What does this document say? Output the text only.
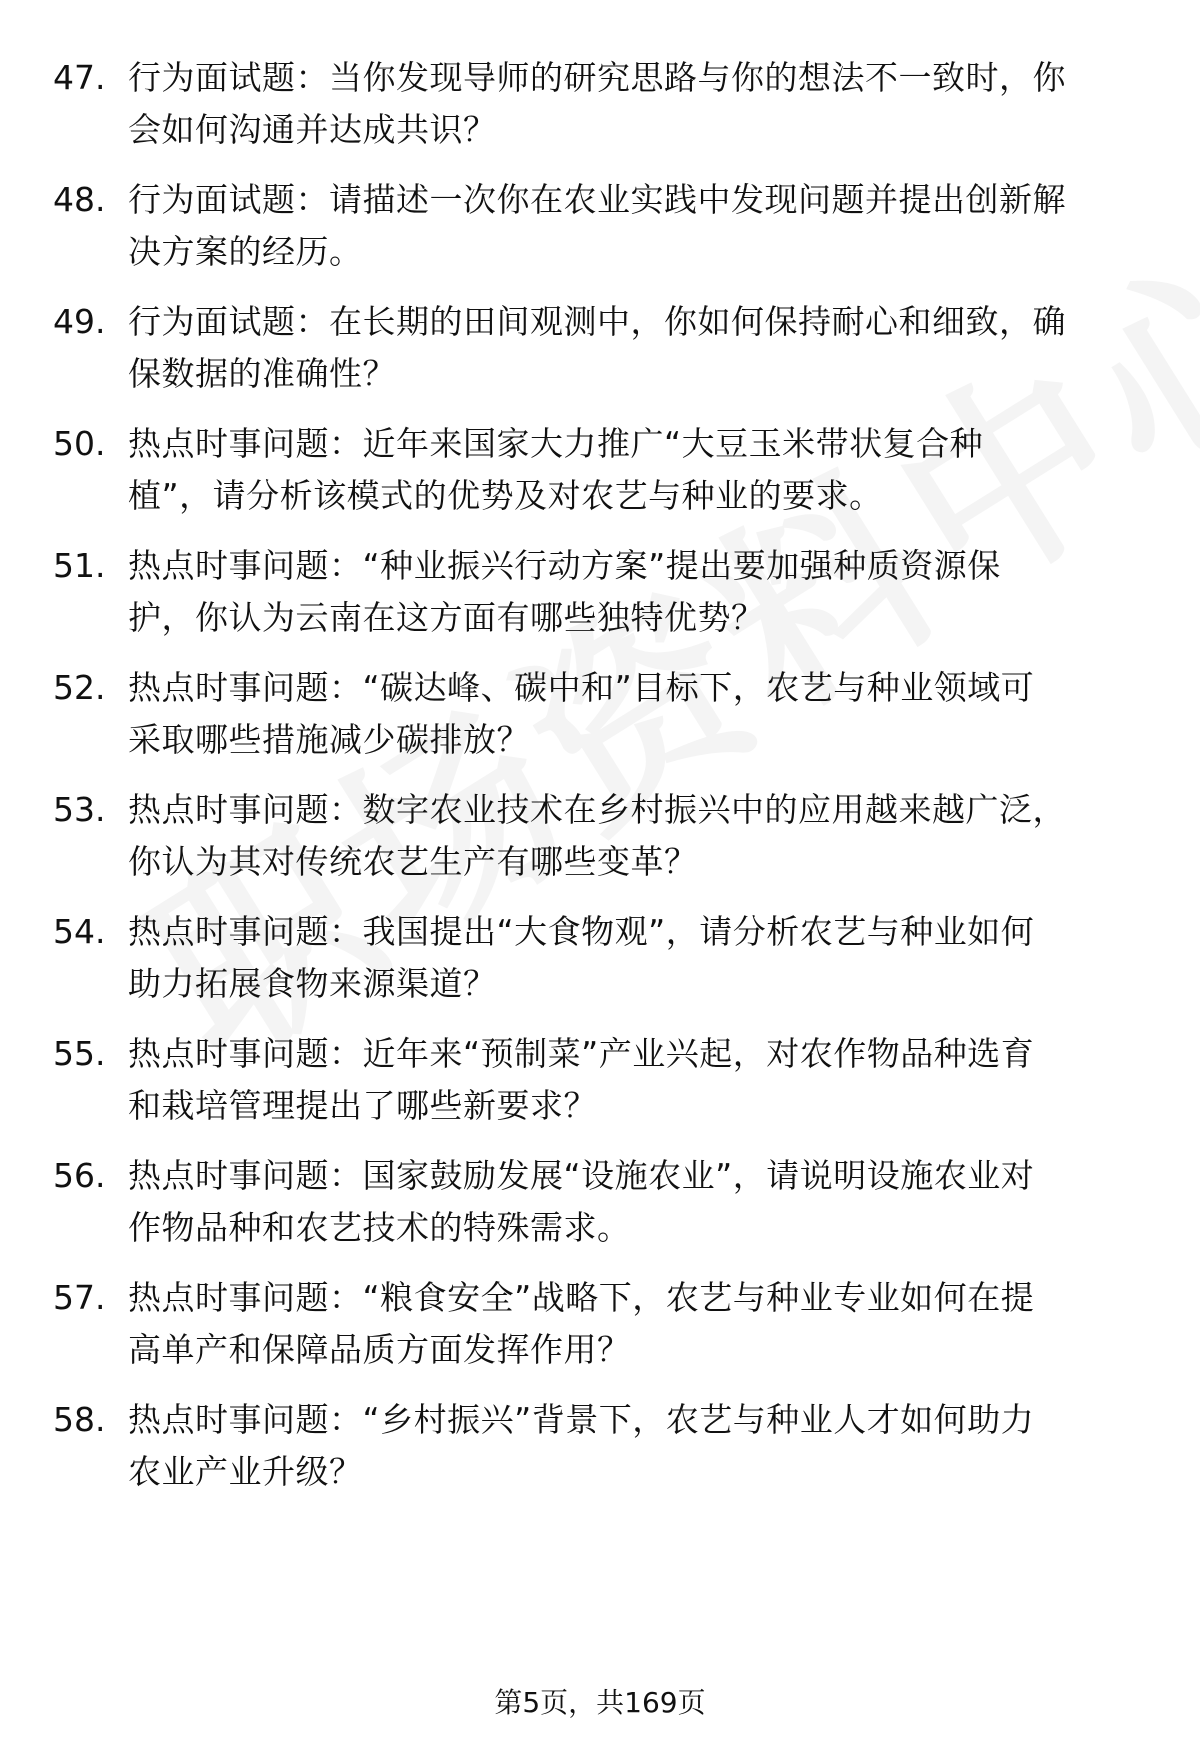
47. 行为面试题：当你发现导师的研究思路与你的想法不一致时，你
会如何沟通并达成共识？
48. 行为面试题：请描述一次你在农业实践中发现问题并提出创新解
决方案的经历。
49. 行为面试题：在长期的田间观测中，你如何保持耐心和细致，确
保数据的准确性？
50. 热点时事问题：近年来国家大力推广“大豆玉米带状复合种
植”，请分析该模式的优势及对农艺与种业的要求。
51. 热点时事问题：“种业振兴行动方案”提出要加强种质资源保
护，你认为云南在这方面有哪些独特优势？
52. 热点时事问题：“碳达峰、碳中和”目标下，农艺与种业领域可
采取哪些措施减少碳排放？
53. 热点时事问题：数字农业技术在乡村振兴中的应用越来越广泛，
你认为其对传统农艺生产有哪些变革？
54. 热点时事问题：我国提出“大食物观”，请分析农艺与种业如何
助力拓展食物来源渠道？
55. 热点时事问题：近年来“预制菜”产业兴起，对农作物品种选育
和栽培管理提出了哪些新要求？
56. 热点时事问题：国家鼓励发展“设施农业”，请说明设施农业对
作物品种和农艺技术的特殊需求。
57. 热点时事问题：“粮食安全”战略下，农艺与种业专业如何在提
高单产和保障品质方面发挥作用？
58. 热点时事问题：“乡村振兴”背景下，农艺与种业人才如何助力
农业产业升级？
第5页，共169页
